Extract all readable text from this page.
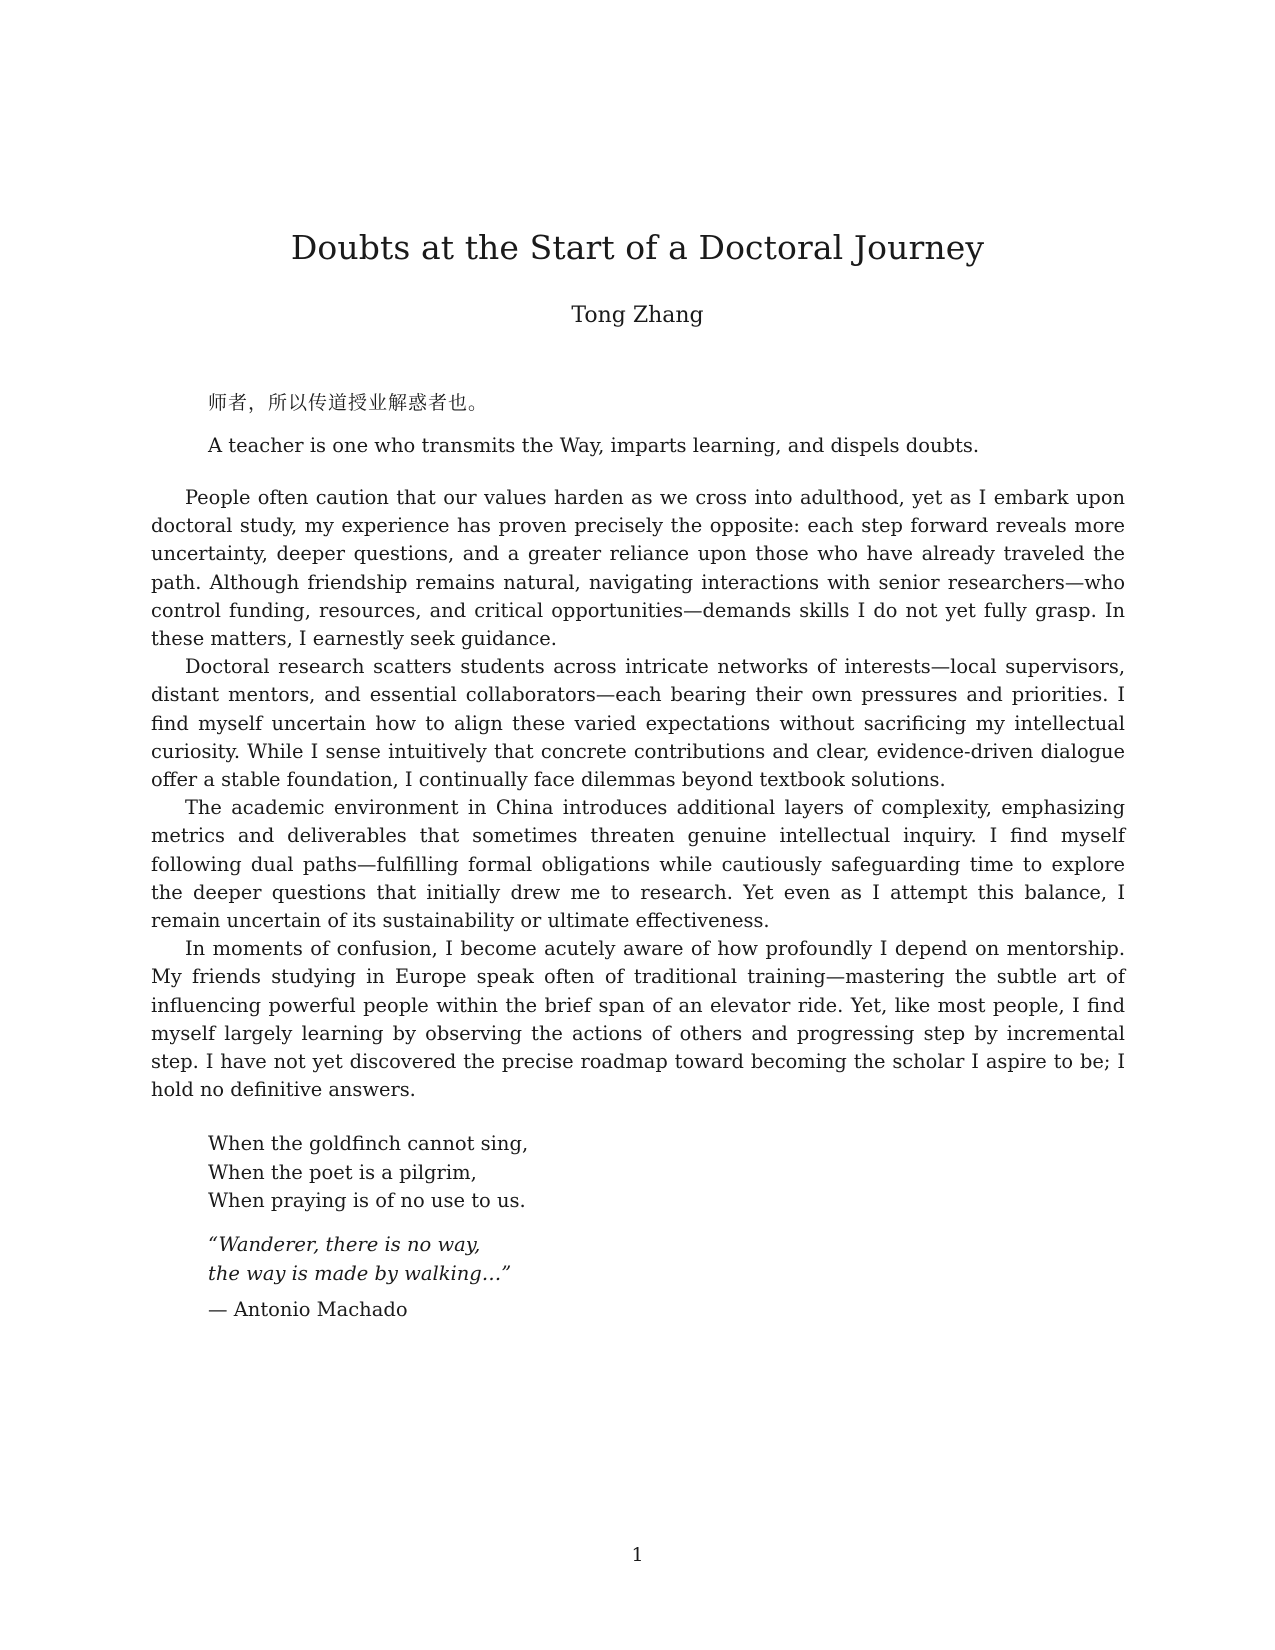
Doubts at the Start of a Doctoral Journey
Tong Zhang
师者，所以传道授业解惑者也。
A teacher is one who transmits the Way, imparts learning, and dispels doubts.

People often caution that our values harden as we cross into adulthood, yet as I embark upon doctoral study, my experience has proven precisely the opposite: each step forward reveals more uncertainty, deeper questions, and a greater reliance upon those who have already traveled the path. Although friendship remains natural, navigating interactions with senior researchers—who control funding, resources, and critical opportunities—demands skills I do not yet fully grasp. In these matters, I earnestly seek guidance.

Doctoral research scatters students across intricate networks of interests—local supervisors, distant mentors, and essential collaborators—each bearing their own pressures and priorities. I find myself uncertain how to align these varied expectations without sacrificing my intellectual curiosity. While I sense intuitively that concrete contributions and clear, evidence-driven dialogue offer a stable foundation, I continually face dilemmas beyond textbook solutions.

The academic environment in China introduces additional layers of complexity, emphasizing metrics and deliverables that sometimes threaten genuine intellectual inquiry. I find myself following dual paths—fulfilling formal obligations while cautiously safeguarding time to explore the deeper questions that initially drew me to research. Yet even as I attempt this balance, I remain uncertain of its sustainability or ultimate effectiveness.

In moments of confusion, I become acutely aware of how profoundly I depend on mentorship. My friends studying in Europe speak often of traditional training—mastering the subtle art of influencing powerful people within the brief span of an elevator ride. Yet, like most people, I find myself largely learning by observing the actions of others and progressing step by incremental step. I have not yet discovered the precise roadmap toward becoming the scholar I aspire to be; I hold no definitive answers.

When the goldfinch cannot sing,
When the poet is a pilgrim,
When praying is of no use to us.
“Wanderer, there is no way,
the way is made by walking…”
— Antonio Machado
1
